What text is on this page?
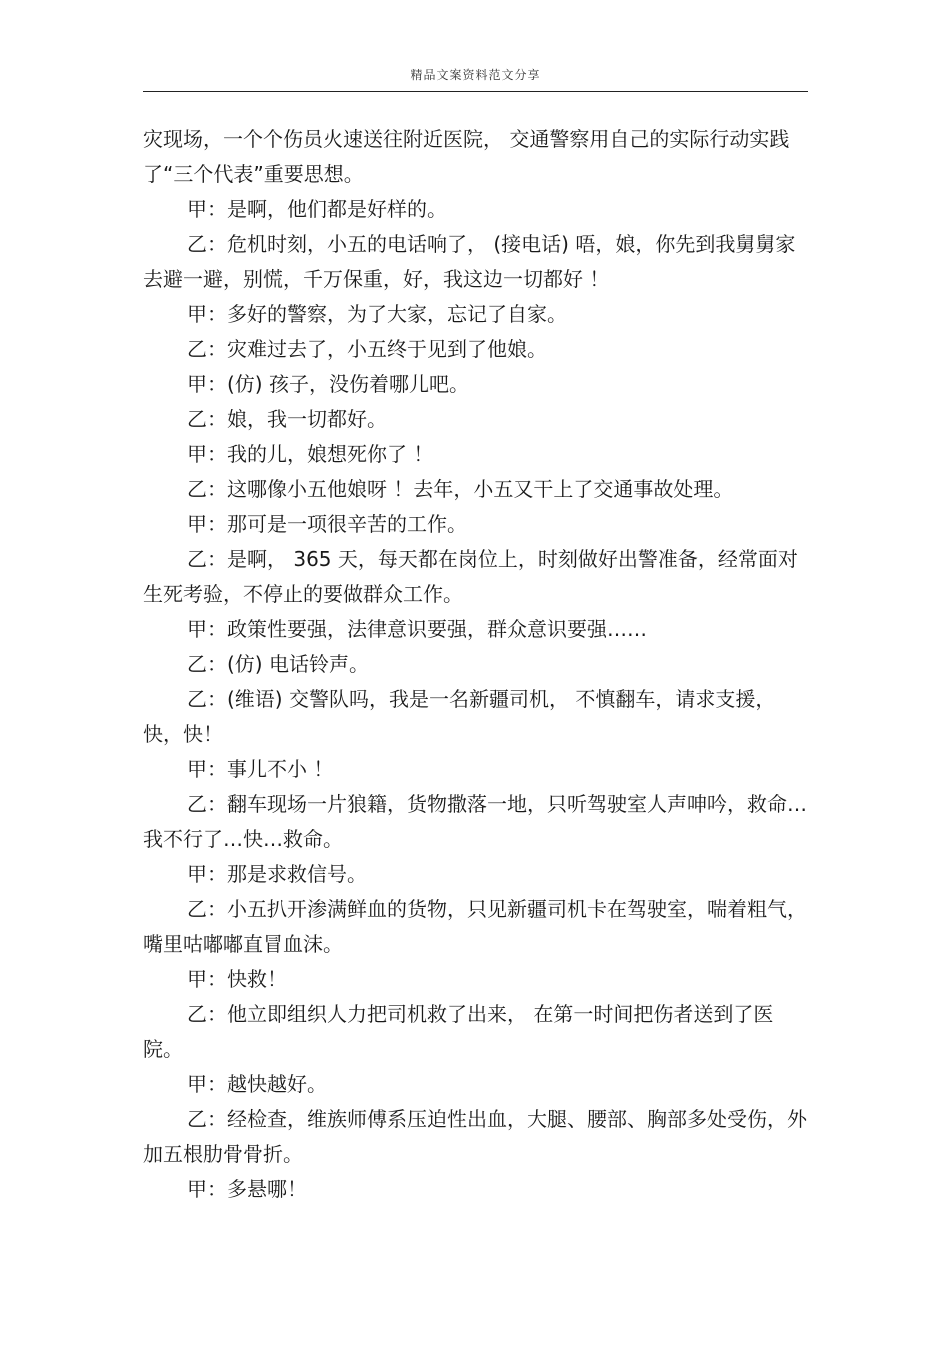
精品文案资料范文分享

灾现场，一个个伤员火速送往附近医院， 交通警察用自己的实际行动实践了“三个代表”重要思想。

甲：是啊，他们都是好样的。

乙：危机时刻，小五的电话响了， (接电话) 唔，娘，你先到我舅舅家去避一避，别慌，千万保重，好，我这边一切都好 ！

甲：多好的警察，为了大家，忘记了自家。

乙：灾难过去了，小五终于见到了他娘。

甲：(仿) 孩子，没伤着哪儿吧。

乙：娘，我一切都好。

甲：我的儿，娘想死你了 ！

乙：这哪像小五他娘呀 ！去年，小五又干上了交通事故处理。

甲：那可是一项很辛苦的工作。

乙：是啊， 365 天，每天都在岗位上，时刻做好出警准备，经常面对生死考验，不停止的要做群众工作。

甲：政策性要强，法律意识要强，群众意识要强……

乙：(仿) 电话铃声。

乙：(维语) 交警队吗，我是一名新疆司机， 不慎翻车，请求支援，快，快！

甲：事儿不小 ！

乙：翻车现场一片狼籍，货物撒落一地，只听驾驶室人声呻吟，救命…我不行了…快…救命。

甲：那是求救信号。

乙：小五扒开渗满鲜血的货物，只见新疆司机卡在驾驶室，喘着粗气，嘴里咕嘟嘟直冒血沫。

甲：快救！

乙：他立即组织人力把司机救了出来， 在第一时间把伤者送到了医院。

甲：越快越好。

乙：经检查，维族师傅系压迫性出血，大腿、腰部、胸部多处受伤，外加五根肋骨骨折。

甲：多悬哪！
